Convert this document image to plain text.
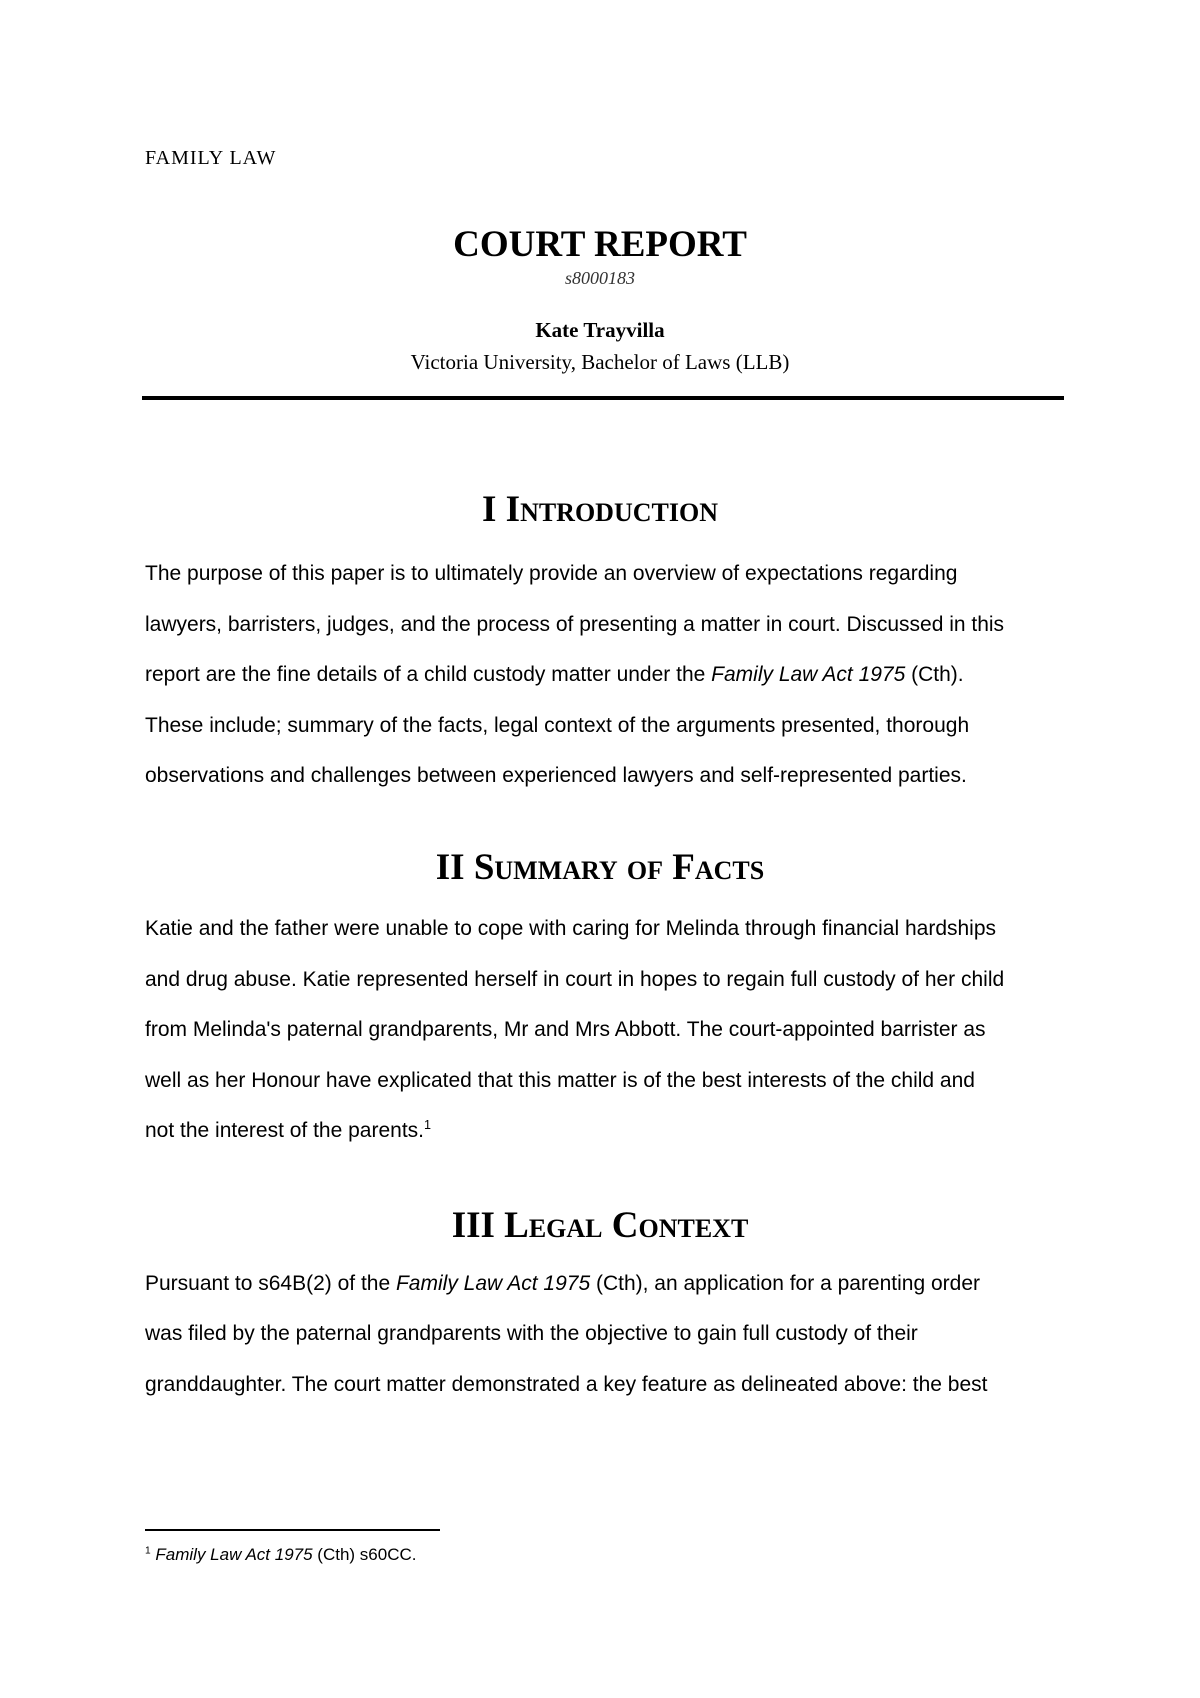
FAMILY LAW
COURT REPORT
s8000183
Kate Trayvilla
Victoria University, Bachelor of Laws (LLB)
I Introduction
The purpose of this paper is to ultimately provide an overview of expectations regarding
lawyers, barristers, judges, and the process of presenting a matter in court. Discussed in this
report are the fine details of a child custody matter under the Family Law Act 1975 (Cth).
These include; summary of the facts, legal context of the arguments presented, thorough
observations and challenges between experienced lawyers and self-represented parties.
II Summary of Facts
Katie and the father were unable to cope with caring for Melinda through financial hardships
and drug abuse. Katie represented herself in court in hopes to regain full custody of her child
from Melinda's paternal grandparents, Mr and Mrs Abbott. The court-appointed barrister as
well as her Honour have explicated that this matter is of the best interests of the child and
not the interest of the parents.$^1$
III Legal Context
Pursuant to s64B(2) of the Family Law Act 1975 (Cth), an application for a parenting order
was filed by the paternal grandparents with the objective to gain full custody of their
granddaughter. The court matter demonstrated a key feature as delineated above: the best
$^1$ Family Law Act 1975 (Cth) s60CC.
